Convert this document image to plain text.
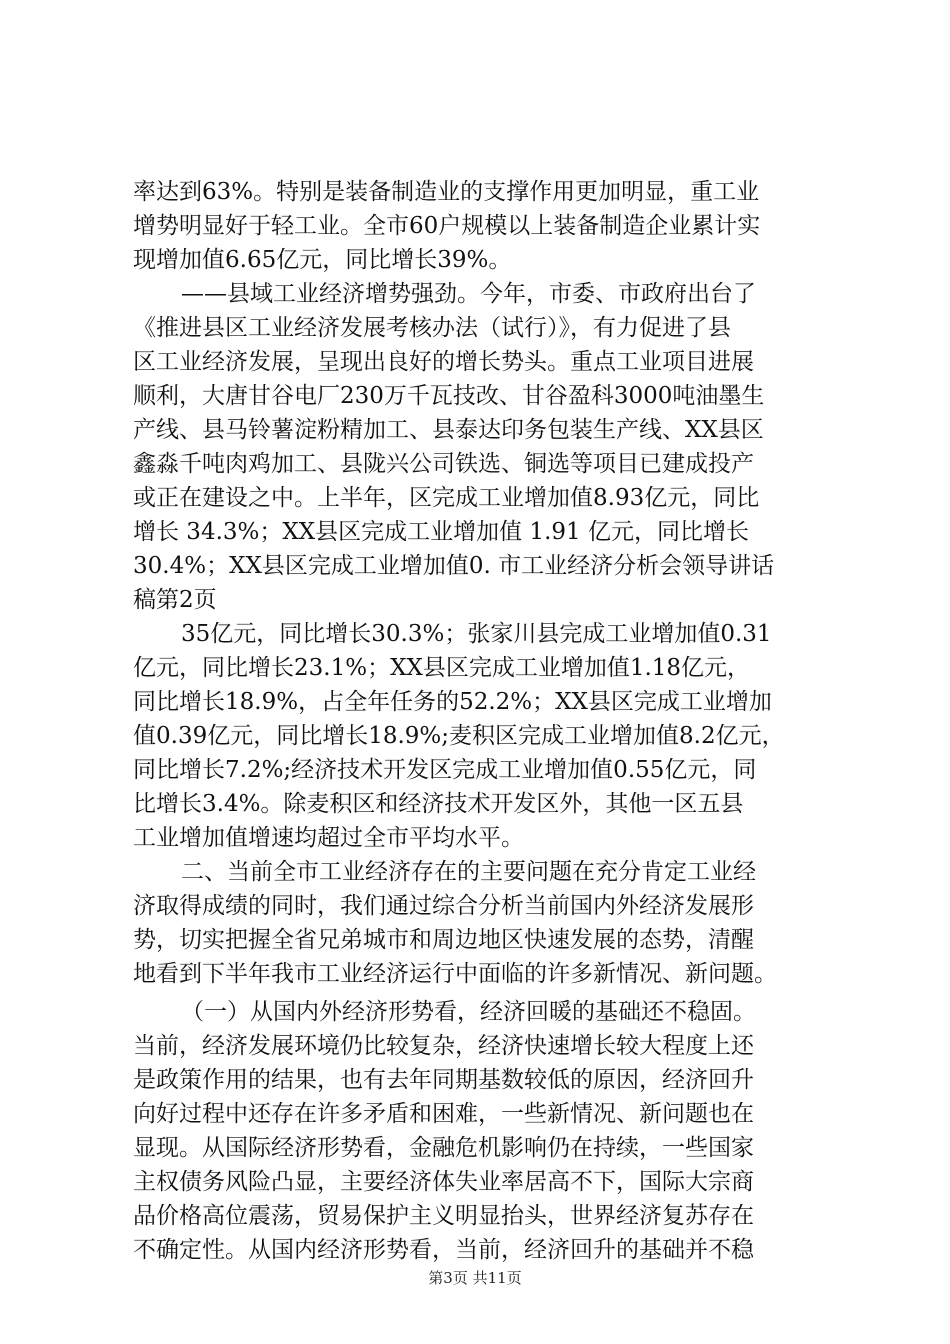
率达到63%。特别是装备制造业的支撑作用更加明显，重工业
增势明显好于轻工业。全市60户规模以上装备制造企业累计实
现增加值6.65亿元，同比增长39%。
——县域工业经济增势强劲。今年，市委、市政府出台了
《推进县区工业经济发展考核办法（试行）》，有力促进了县
区工业经济发展，呈现出良好的增长势头。重点工业项目进展
顺利，大唐甘谷电厂230万千瓦技改、甘谷盈科3000吨油墨生
产线、县马铃薯淀粉精加工、县泰达印务包装生产线、XX县区
鑫淼千吨肉鸡加工、县陇兴公司铁选、铜选等项目已建成投产
或正在建设之中。上半年，区完成工业增加值8.93亿元，同比
增长 34.3%；XX县区完成工业增加值 1.91 亿元，同比增长
30.4%；XX县区完成工业增加值0. 市工业经济分析会领导讲话
稿第2页
35亿元，同比增长30.3%；张家川县完成工业增加值0.31
亿元，同比增长23.1%；XX县区完成工业增加值1.18亿元，
同比增长18.9%，占全年任务的52.2%；XX县区完成工业增加
值0.39亿元，同比增长18.9%;麦积区完成工业增加值8.2亿元，
同比增长7.2%;经济技术开发区完成工业增加值0.55亿元，同
比增长3.4%。除麦积区和经济技术开发区外，其他一区五县
工业增加值增速均超过全市平均水平。
二、当前全市工业经济存在的主要问题在充分肯定工业经
济取得成绩的同时，我们通过综合分析当前国内外经济发展形
势，切实把握全省兄弟城市和周边地区快速发展的态势，清醒
地看到下半年我市工业经济运行中面临的许多新情况、新问题。
（一）从国内外经济形势看，经济回暖的基础还不稳固。
当前，经济发展环境仍比较复杂，经济快速增长较大程度上还
是政策作用的结果，也有去年同期基数较低的原因，经济回升
向好过程中还存在许多矛盾和困难，一些新情况、新问题也在
显现。从国际经济形势看，金融危机影响仍在持续，一些国家
主权债务风险凸显，主要经济体失业率居高不下，国际大宗商
品价格高位震荡，贸易保护主义明显抬头，世界经济复苏存在
不确定性。从国内经济形势看，当前，经济回升的基础并不稳
第3页 共11页
